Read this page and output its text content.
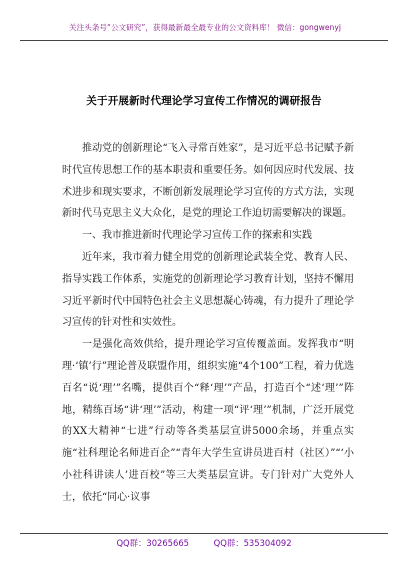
关注头条号“公文研究”，获得最新最全最专业的公文资料库！ 微信：gongwenyj
关于开展新时代理论学习宣传工作情况的调研报告

推动党的创新理论“飞入寻常百姓家”，是习近平总书记赋予新时代宣传思想工作的基本职责和重要任务。如何因应时代发展、技术进步和现实要求，不断创新发展理论学习宣传的方式方法，实现新时代马克思主义大众化，是党的理论工作迫切需要解决的课题。

一、我市推进新时代理论学习宣传工作的探索和实践

近年来，我市着力健全用党的创新理论武装全党、教育人民、指导实践工作体系，实施党的创新理论学习教育计划，坚持不懈用习近平新时代中国特色社会主义思想凝心铸魂，有力提升了理论学习宣传的针对性和实效性。

一是强化高效供给，提升理论学习宣传覆盖面。发挥我市“明理·‘镇’行”理论普及联盟作用，组织实施“4个100”工程，着力优选百名“说‘理’”名嘴，提供百个“释‘理’”产品，打造百个“述‘理’”阵地，精练百场“讲‘理’”活动，构建一项“评‘理’”机制，广泛开展党的XX大精神“七进”行动等各类基层宣讲5000余场，并重点实施“社科理论名师进百企”“青年大学生宣讲员进百村（社区）”“‘小小社科讲读人’进百校”等三大类基层宣讲。专门针对广大党外人士，依托“同心·议事

QQ群：30265665	QQ群：535304092
